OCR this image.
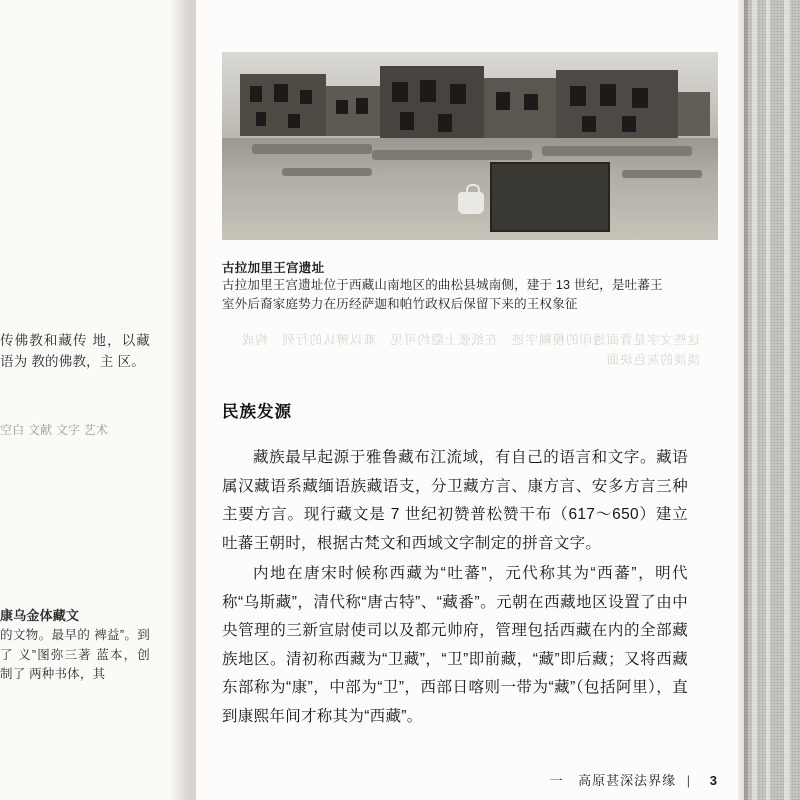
传佛教和藏传 地，以藏语为 教的佛教，主 区。
空白 文献 文字 艺术
康乌金体藏文
的文物。最早的 裨益”。到了 义”图弥三著 蓝本，创制了 两种书体，其
古拉加里王宫遗址
古拉加里王宫遗址位于西藏山南地区的曲松县城南侧，建于 13 世纪，是吐蕃王室外后裔家庭势力在历经萨迦和帕竹政权后保留下来的王权象征
这些文字是背面透印的模糊字迹　在纸张上隐约可见　难以辨认的行列　构成淡淡的灰色块面
民族发源
藏族最早起源于雅鲁藏布江流域，有自己的语言和文字。藏语属汉藏语系藏缅语族藏语支，分卫藏方言、康方言、安多方言三种主要方言。现行藏文是 7 世纪初赞普松赞干布（617～650）建立吐蕃王朝时，根据古梵文和西域文字制定的拼音文字。
内地在唐宋时候称西藏为“吐蕃”，元代称其为“西蕃”，明代称“乌斯藏”，清代称“唐古特”、“藏番”。元朝在西藏地区设置了由中央管理的三新宣尉使司以及都元帅府，管理包括西藏在内的全部藏族地区。清初称西藏为“卫藏”，“卫”即前藏，“藏”即后藏；又将西藏东部称为“康”，中部为“卫”，西部日喀则一带为“藏”（包括阿里），直到康熙年间才称其为“西藏”。
一 高原甚深法界缘 | 3
